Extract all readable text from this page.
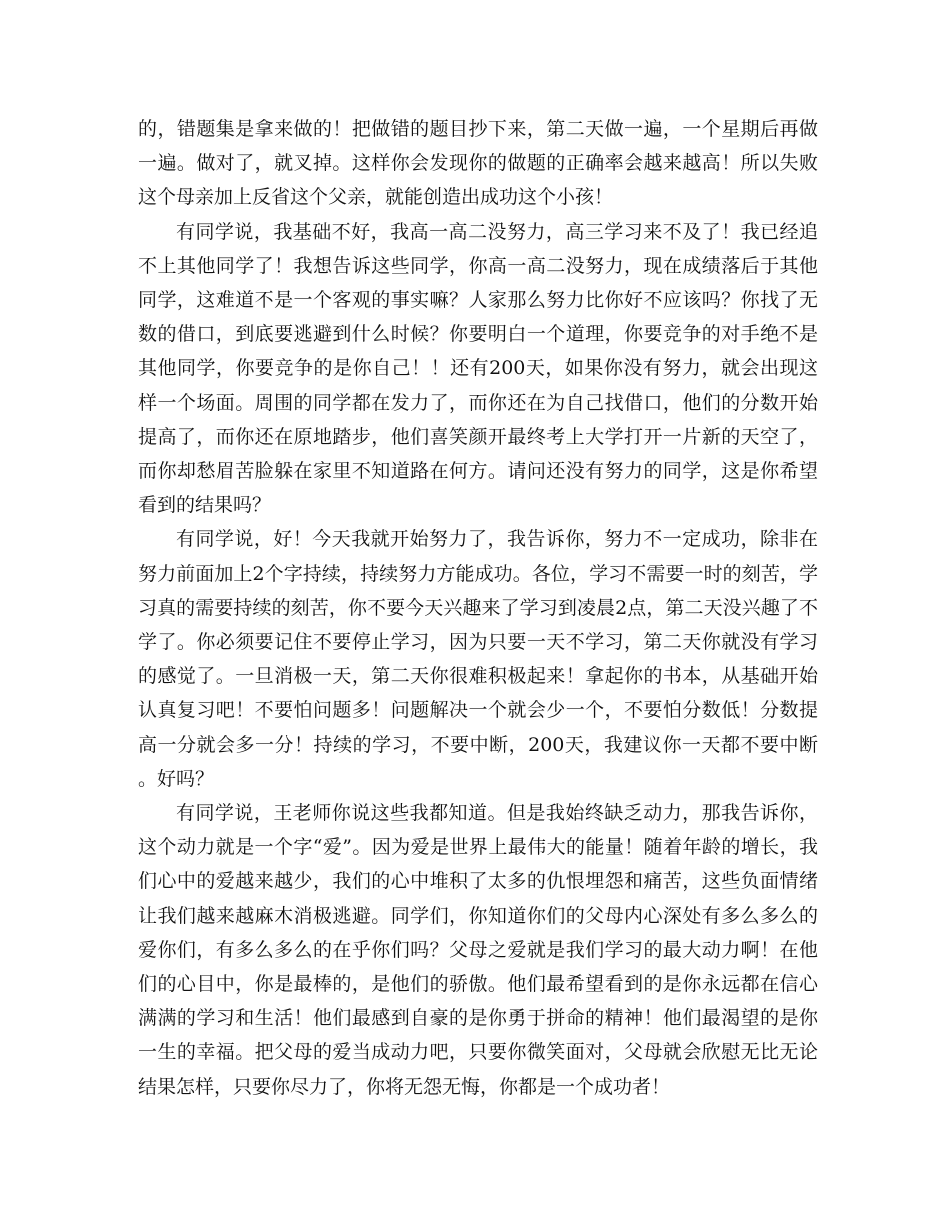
的，错题集是拿来做的！把做错的题目抄下来，第二天做一遍，一个星期后再做一遍。做对了，就叉掉。这样你会发现你的做题的正确率会越来越高！所以失败这个母亲加上反省这个父亲，就能创造出成功这个小孩！

有同学说，我基础不好，我高一高二没努力，高三学习来不及了！我已经追不上其他同学了！我想告诉这些同学，你高一高二没努力，现在成绩落后于其他同学，这难道不是一个客观的事实嘛？人家那么努力比你好不应该吗？你找了无数的借口，到底要逃避到什么时候？你要明白一个道理，你要竞争的对手绝不是其他同学，你要竞争的是你自己！！还有200天，如果你没有努力，就会出现这样一个场面。周围的同学都在发力了，而你还在为自己找借口，他们的分数开始提高了，而你还在原地踏步，他们喜笑颜开最终考上大学打开一片新的天空了，而你却愁眉苦脸躲在家里不知道路在何方。请问还没有努力的同学，这是你希望看到的结果吗？

有同学说，好！今天我就开始努力了，我告诉你，努力不一定成功，除非在努力前面加上2个字持续，持续努力方能成功。各位，学习不需要一时的刻苦，学习真的需要持续的刻苦，你不要今天兴趣来了学习到凌晨2点，第二天没兴趣了不学了。你必须要记住不要停止学习，因为只要一天不学习，第二天你就没有学习的感觉了。一旦消极一天，第二天你很难积极起来！拿起你的书本，从基础开始认真复习吧！不要怕问题多！问题解决一个就会少一个，不要怕分数低！分数提高一分就会多一分！持续的学习，不要中断，200天，我建议你一天都不要中断。好吗？

有同学说，王老师你说这些我都知道。但是我始终缺乏动力，那我告诉你，这个动力就是一个字“爱”。因为爱是世界上最伟大的能量！随着年龄的增长，我们心中的爱越来越少，我们的心中堆积了太多的仇恨埋怨和痛苦，这些负面情绪让我们越来越麻木消极逃避。同学们，你知道你们的父母内心深处有多么多么的爱你们，有多么多么的在乎你们吗？父母之爱就是我们学习的最大动力啊！在他们的心目中，你是最棒的，是他们的骄傲。他们最希望看到的是你永远都在信心满满的学习和生活！他们最感到自豪的是你勇于拼命的精神！他们最渴望的是你一生的幸福。把父母的爱当成动力吧，只要你微笑面对，父母就会欣慰无比无论结果怎样，只要你尽力了，你将无怨无悔，你都是一个成功者！
